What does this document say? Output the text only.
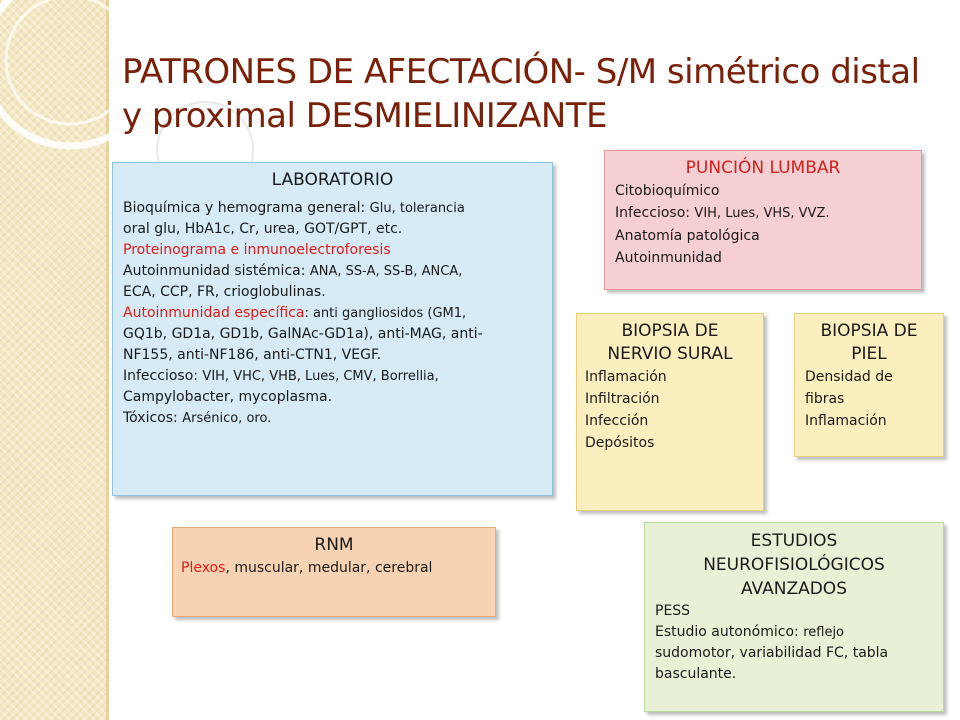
PATRONES DE AFECTACIÓN- S/M simétrico distal y proximal DESMIELINIZANTE
LABORATORIO
Bioquímica y hemograma general: Glu, tolerancia
oral glu, HbA1c, Cr, urea, GOT/GPT, etc.
Proteinograma e inmunoelectroforesis
Autoinmunidad sistémica: ANA, SS-A, SS-B, ANCA,
ECA, CCP, FR, crioglobulinas.
Autoinmunidad específica: anti gangliosidos (GM1,
GQ1b, GD1a, GD1b, GalNAc-GD1a), anti-MAG, anti-
NF155, anti-NF186, anti-CTN1, VEGF.
Infeccioso: VIH, VHC, VHB, Lues, CMV, Borrellia,
Campylobacter, mycoplasma.
Tóxicos: Arsénico, oro.
PUNCIÓN LUMBAR
Citobioquímico
Infeccioso: VIH, Lues, VHS, VVZ.
Anatomía patológica
Autoinmunidad
BIOPSIA DE
NERVIO SURAL
Inflamación
Infiltración
Infección
Depósitos
BIOPSIA DE
PIEL
Densidad de
fibras
Inflamación
RNM
Plexos, muscular, medular, cerebral
ESTUDIOS
NEUROFISIOLÓGICOS
AVANZADOS
PESS
Estudio autonómico: reflejo
sudomotor, variabilidad FC, tabla
basculante.
